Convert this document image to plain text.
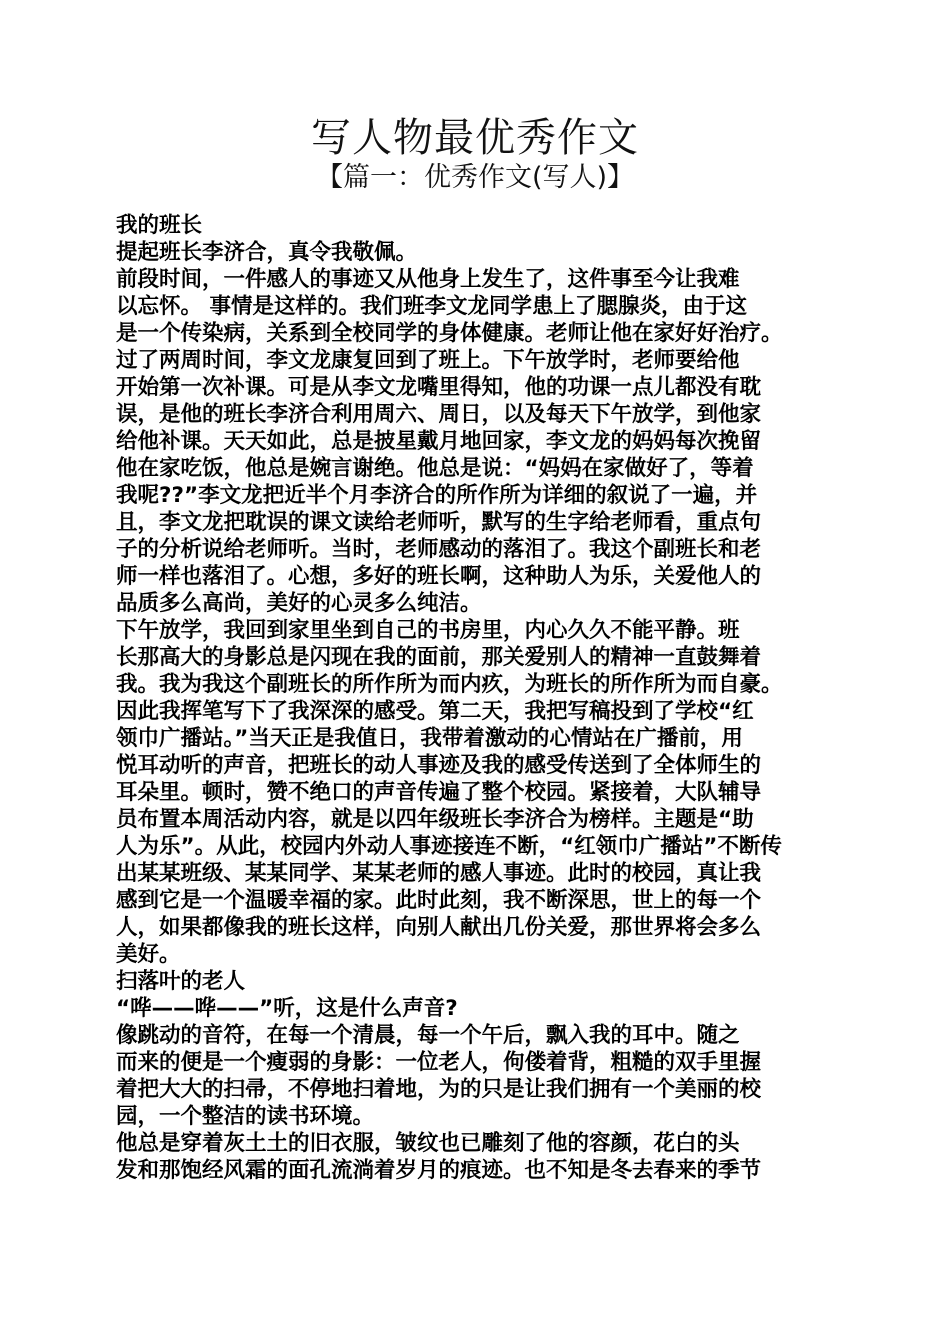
写人物最优秀作文
【篇一：优秀作文(写人)】
我的班长
提起班长李济合，真令我敬佩。
前段时间，一件感人的事迹又从他身上发生了，这件事至今让我难
以忘怀。 事情是这样的。我们班李文龙同学患上了腮腺炎，由于这
是一个传染病，关系到全校同学的身体健康。老师让他在家好好治疗。
过了两周时间，李文龙康复回到了班上。下午放学时，老师要给他
开始第一次补课。可是从李文龙嘴里得知，他的功课一点儿都没有耽
误，是他的班长李济合利用周六、周日，以及每天下午放学，到他家
给他补课。天天如此，总是披星戴月地回家，李文龙的妈妈每次挽留
他在家吃饭，他总是婉言谢绝。他总是说：“妈妈在家做好了，等着
我呢??”李文龙把近半个月李济合的所作所为详细的叙说了一遍，并
且，李文龙把耽误的课文读给老师听，默写的生字给老师看，重点句
子的分析说给老师听。当时，老师感动的落泪了。我这个副班长和老
师一样也落泪了。心想，多好的班长啊，这种助人为乐，关爱他人的
品质多么高尚，美好的心灵多么纯洁。
下午放学，我回到家里坐到自己的书房里，内心久久不能平静。班
长那高大的身影总是闪现在我的面前，那关爱别人的精神一直鼓舞着
我。我为我这个副班长的所作所为而内疚，为班长的所作所为而自豪。
因此我挥笔写下了我深深的感受。第二天，我把写稿投到了学校“红
领巾广播站。”当天正是我值日，我带着激动的心情站在广播前，用
悦耳动听的声音，把班长的动人事迹及我的感受传送到了全体师生的
耳朵里。顿时，赞不绝口的声音传遍了整个校园。紧接着，大队辅导
员布置本周活动内容，就是以四年级班长李济合为榜样。主题是“助
人为乐”。从此，校园内外动人事迹接连不断，“红领巾广播站”不断传
出某某班级、某某同学、某某老师的感人事迹。此时的校园，真让我
感到它是一个温暖幸福的家。此时此刻，我不断深思，世上的每一个
人，如果都像我的班长这样，向别人献出几份关爱，那世界将会多么
美好。
扫落叶的老人
“哗——哗——”听，这是什么声音?
像跳动的音符，在每一个清晨，每一个午后，飘入我的耳中。随之
而来的便是一个瘦弱的身影：一位老人，佝偻着背，粗糙的双手里握
着把大大的扫帚，不停地扫着地，为的只是让我们拥有一个美丽的校
园，一个整洁的读书环境。
他总是穿着灰土土的旧衣服，皱纹也已雕刻了他的容颜，花白的头
发和那饱经风霜的面孔流淌着岁月的痕迹。也不知是冬去春来的季节
